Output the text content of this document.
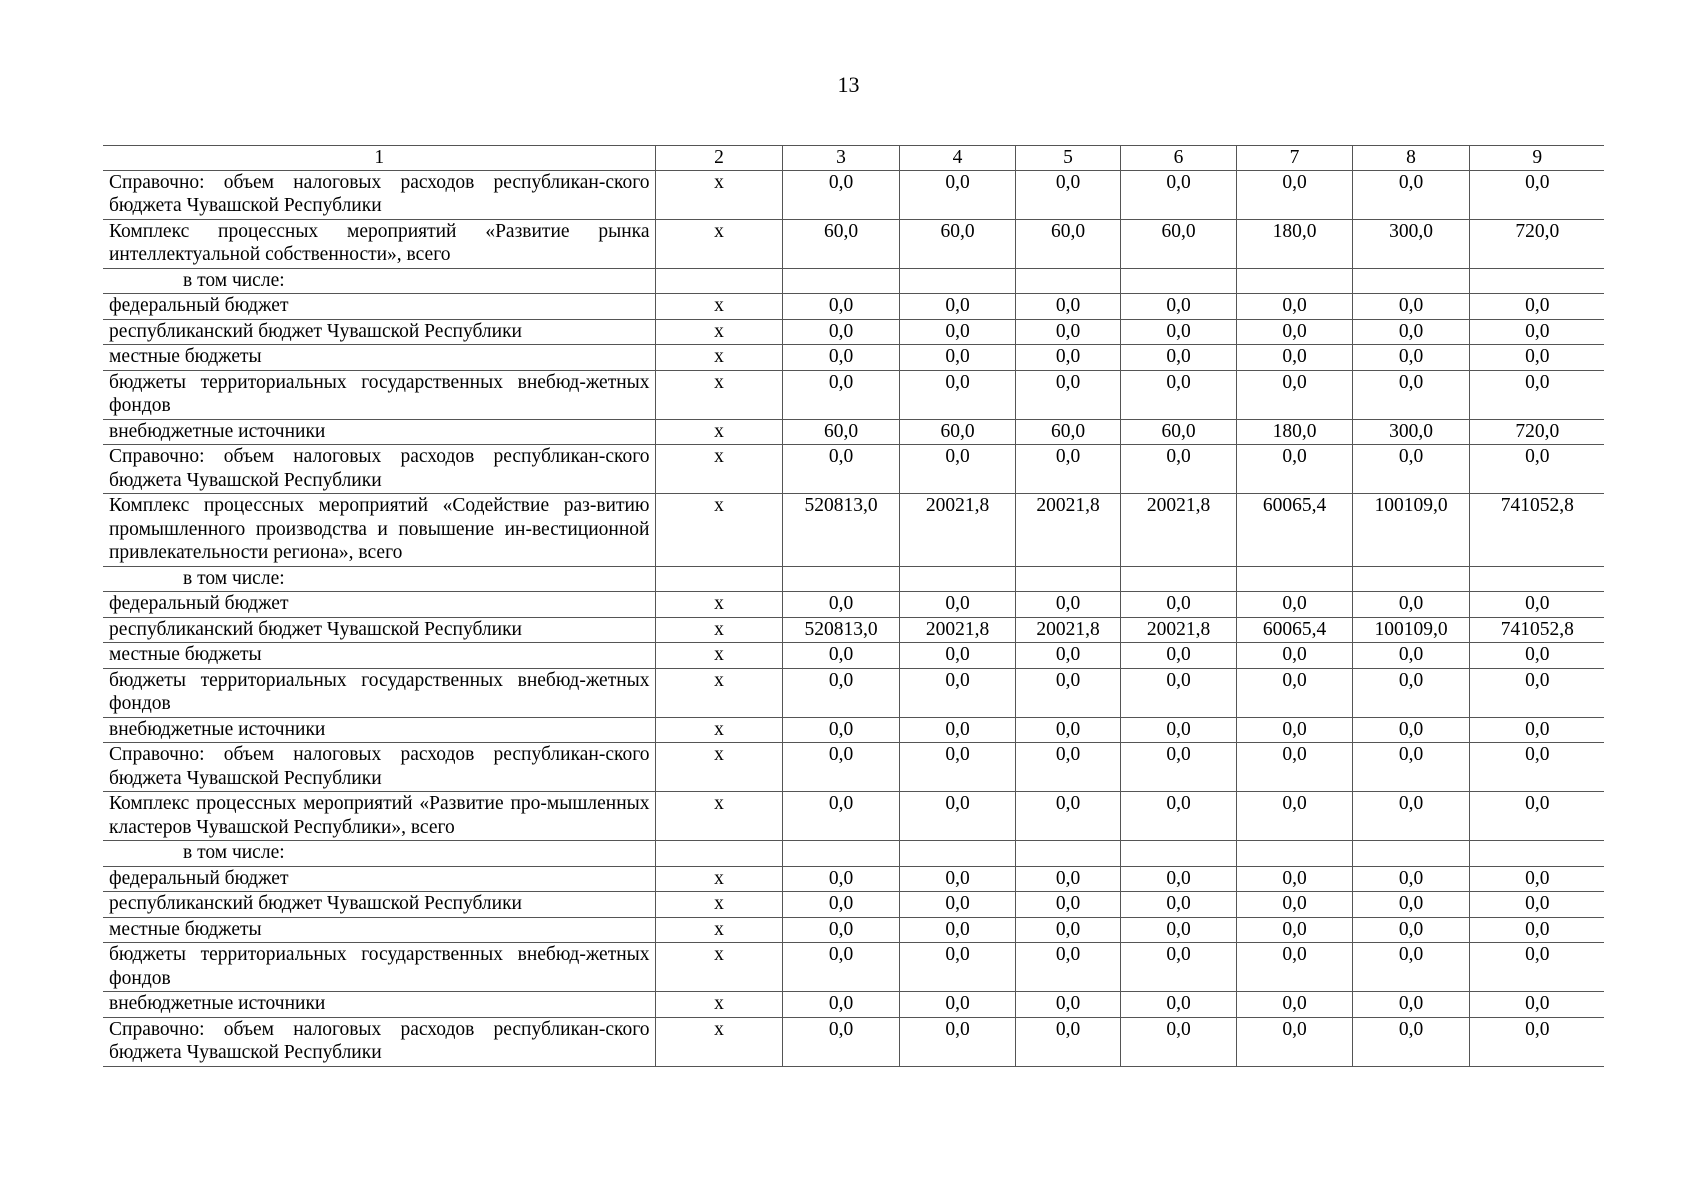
13
1	2	3	4	5	6	7	8	9
Справочно: объем налоговых расходов республикан-ского бюджета Чувашской Республики	х	0,0	0,0	0,0	0,0	0,0	0,0	0,0
Комплекс процессных мероприятий «Развитие рынка интеллектуальной собственности», всего	х	60,0	60,0	60,0	60,0	180,0	300,0	720,0
в том числе:								
федеральный бюджет	х	0,0	0,0	0,0	0,0	0,0	0,0	0,0
республиканский бюджет Чувашской Республики	х	0,0	0,0	0,0	0,0	0,0	0,0	0,0
местные бюджеты	х	0,0	0,0	0,0	0,0	0,0	0,0	0,0
бюджеты территориальных государственных внебюд-жетных фондов	х	0,0	0,0	0,0	0,0	0,0	0,0	0,0
внебюджетные источники	х	60,0	60,0	60,0	60,0	180,0	300,0	720,0
Справочно: объем налоговых расходов республикан-ского бюджета Чувашской Республики	х	0,0	0,0	0,0	0,0	0,0	0,0	0,0
Комплекс процессных мероприятий «Содействие раз-витию промышленного производства и повышение ин-вестиционной привлекательности региона», всего	х	520813,0	20021,8	20021,8	20021,8	60065,4	100109,0	741052,8
в том числе:								
федеральный бюджет	х	0,0	0,0	0,0	0,0	0,0	0,0	0,0
республиканский бюджет Чувашской Республики	х	520813,0	20021,8	20021,8	20021,8	60065,4	100109,0	741052,8
местные бюджеты	х	0,0	0,0	0,0	0,0	0,0	0,0	0,0
бюджеты территориальных государственных внебюд-жетных фондов	х	0,0	0,0	0,0	0,0	0,0	0,0	0,0
внебюджетные источники	х	0,0	0,0	0,0	0,0	0,0	0,0	0,0
Справочно: объем налоговых расходов республикан-ского бюджета Чувашской Республики	х	0,0	0,0	0,0	0,0	0,0	0,0	0,0
Комплекс процессных мероприятий «Развитие про-мышленных кластеров Чувашской Республики», всего	х	0,0	0,0	0,0	0,0	0,0	0,0	0,0
в том числе:								
федеральный бюджет	х	0,0	0,0	0,0	0,0	0,0	0,0	0,0
республиканский бюджет Чувашской Республики	х	0,0	0,0	0,0	0,0	0,0	0,0	0,0
местные бюджеты	х	0,0	0,0	0,0	0,0	0,0	0,0	0,0
бюджеты территориальных государственных внебюд-жетных фондов	х	0,0	0,0	0,0	0,0	0,0	0,0	0,0
внебюджетные источники	х	0,0	0,0	0,0	0,0	0,0	0,0	0,0
Справочно: объем налоговых расходов республикан-ского бюджета Чувашской Республики	х	0,0	0,0	0,0	0,0	0,0	0,0	0,0
